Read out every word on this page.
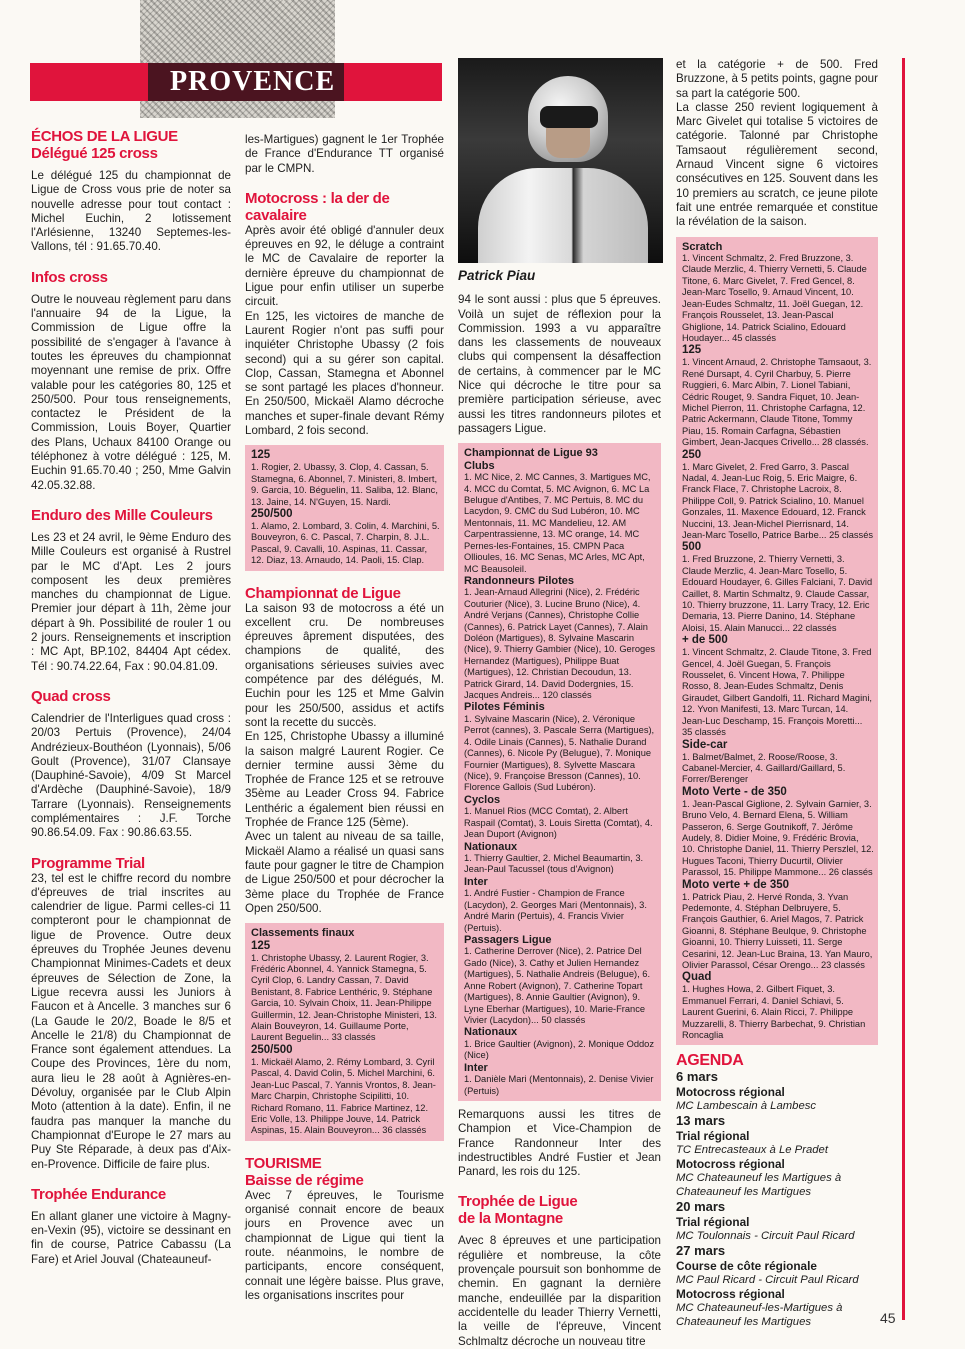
PROVENCE
ÉCHOS DE LA LIGUE
Délégué 125 cross

Le délégué 125 du championnat de Ligue de Cross vous prie de noter sa nouvelle adresse pour tout contact : Michel Euchin, 2 lotissement l'Arlésienne, 13240 Septemes-les-Vallons, tél : 91.65.70.40.

Infos cross

Outre le nouveau règlement paru dans l'annuaire 94 de la Ligue, la Commission de Ligue offre la possibilité de s'engager à l'avance à toutes les épreuves du championnat moyennant une remise de prix. Offre valable pour les catégories 80, 125 et 250/500. Pour tous renseignements, contactez le Président de la Commission, Louis Boyer, Quartier des Plans, Uchaux 84100 Orange ou téléphonez à votre délégué : 125, M. Euchin 91.65.70.40 ; 250, Mme Galvin 42.05.32.88.

Enduro des Mille Couleurs

Les 23 et 24 avril, le 9ème Enduro des Mille Couleurs est organisé à Rustrel par le MC d'Apt. Les 2 jours composent les deux premières manches du championnat de Ligue. Premier jour départ à 11h, 2ème jour départ à 9h. Possibilité de rouler 1 ou 2 jours. Renseignements et inscription : MC Apt, BP.102, 84404 Apt cédex. Tél : 90.74.22.64, Fax : 90.04.81.09.

Quad cross

Calendrier de l'Interligues quad cross : 20/03 Pertuis (Provence), 24/04 Andrézieux-Bouthéon (Lyonnais), 5/06 Goult (Provence), 31/07 Clansaye (Dauphiné-Savoie), 4/09 St Marcel d'Ardèche (Dauphiné-Savoie), 18/9 Tarrare (Lyonnais). Renseignements complémentaires : J.F. Torche 90.86.54.09. Fax : 90.86.63.55.

Programme Trial

23, tel est le chiffre record du nombre d'épreuves de trial inscrites au calendrier de ligue. Parmi celles-ci 11 compteront pour le championnat de ligue de Provence. Outre deux épreuves du Trophée Jeunes devenu Championnat Minimes-Cadets et deux épreuves de Sélection de Zone, la Ligue recevra aussi les Juniors à Faucon et à Ancelle. 3 manches sur 6 (La Gaude le 20/2, Boade le 8/5 et Ancelle le 21/8) du Championnat de France sont également attendues. La Coupe des Provinces, 1ère du nom, aura lieu le 28 août à Agnières-en-Dévoluy, organisée par le Club Alpin Moto (attention à la date). Enfin, il ne faudra pas manquer la manche du Championnat d'Europe le 27 mars au Puy Ste Réparade, à deux pas d'Aix-en-Provence. Difficile de faire plus.

Trophée Endurance

En allant glaner une victoire à Magny-en-Vexin (95), victoire se dessinant en fin de course, Patrice Cabassu (La Fare) et Ariel Jouval (Chateauneuf-

les-Martigues) gagnent le 1er Trophée de France d'Endurance TT organisé par le CMPN.

Motocross : la der de cavalaire

Après avoir été obligé d'annuler deux épreuves en 92, le déluge a contraint le MC de Cavalaire de reporter la dernière épreuve du championnat de Ligue pour enfin utiliser un superbe circuit.

En 125, les victoires de manche de Laurent Rogier n'ont pas suffi pour inquiéter Christophe Ubassy (2 fois second) qui a su gérer son capital. Clop, Cassan, Stamegna et Abonnel se sont partagé les places d'honneur. En 250/500, Mickaël Alamo décroche manches et super-finale devant Rémy Lombard, 2 fois second.

125
1. Rogier, 2. Ubassy, 3. Clop, 4. Cassan, 5. Stamegna, 6. Abonnel, 7. Ministeri, 8. Imbert, 9. Garcia, 10. Béguelin, 11. Saliba, 12. Blanc, 13. Jaine, 14. N'Guyen, 15. Nardi.
250/500
1. Alamo, 2. Lombard, 3. Colin, 4. Marchini, 5. Bouveyron, 6. C. Pascal, 7. Charpin, 8. J.L. Pascal, 9. Cavalli, 10. Aspinas, 11. Cassar, 12. Diaz, 13. Arnaudo, 14. Paoli, 15. Clap.
Championnat de Ligue

La saison 93 de motocross a été un excellent cru. De nombreuses épreuves âprement disputées, des champions de qualité, des organisations sérieuses suivies avec compétence par des délégués, M. Euchin pour les 125 et Mme Galvin pour les 250/500, assidus et actifs sont la recette du succès.

En 125, Christophe Ubassy a illuminé la saison malgré Laurent Rogier. Ce dernier termine aussi 3ème du Trophée de France 125 et se retrouve 35ème au Leader Cross 94. Fabrice Lenthéric a également bien réussi en Trophée de France 125 (5ème).

Avec un talent au niveau de sa taille, Mickaël Alamo a réalisé un quasi sans faute pour gagner le titre de Champion de Ligue 250/500 et pour décrocher la 3ème place du Trophée de France Open 250/500.

Classements finaux
125
1. Christophe Ubassy, 2. Laurent Rogier, 3. Frédéric Abonnel, 4. Yannick Stamegna, 5. Cyril Clop, 6. Landry Cassan, 7. David Benistant, 8. Fabrice Lenthéric, 9. Stéphane Garcia, 10. Sylvain Choix, 11. Jean-Philippe Guillermin, 12. Jean-Christophe Ministeri, 13. Alain Bouveyron, 14. Guillaume Porte, Laurent Beguelin... 33 classés
250/500
1. Mickaël Alamo, 2. Rémy Lombard, 3. Cyril Pascal, 4. David Colin, 5. Michel Marchini, 6. Jean-Luc Pascal, 7. Yannis Vrontos, 8. Jean-Marc Charpin, Christophe Scipilitti, 10. Richard Romano, 11. Fabrice Martinez, 12. Eric Volle, 13. Philippe Jouve, 14. Patrick Aspinas, 15. Alain Bouveyron... 36 classés
TOURISME
Baisse de régime

Avec 7 épreuves, le Tourisme organisé connait encore de beaux jours en Provence avec un championnat de Ligue qui tient la route. néanmoins, le nombre de participants, encore conséquent, connait une légère baisse. Plus grave, les organisations inscrites pour

Patrick Piau

94 le sont aussi : plus que 5 épreuves. Voilà un sujet de réflexion pour la Commission. 1993 a vu apparaître dans les classements de nouveaux clubs qui compensent la désaffection de certains, à commencer par le MC Nice qui décroche le titre pour sa première participation sérieuse, avec aussi les titres randonneurs pilotes et passagers Ligue.

Championnat de Ligue 93
Clubs
1. MC Nice, 2. MC Cannes, 3. Martigues MC, 4. MCC du Comtat, 5. MC Avignon, 6. MC La Belugue d'Antibes, 7. MC Pertuis, 8. MC du Lacydon, 9. CMC du Sud Lubéron, 10. MC Mentonnais, 11. MC Mandelieu, 12. AM Carpentrassienne, 13. MC orange, 14. MC Pernes-les-Fontaines, 15. CMPN Paca Ollioules, 16. MC Senas, MC Arles, MC Apt, MC Beausoleil.
Randonneurs Pilotes
1. Jean-Arnaud Allegrini (Nice), 2. Frédéric Couturier (Nice), 3. Lucine Bruno (Nice), 4. André Verjans (Cannes), Christophe Collie (Cannes), 6. Patrick Layet (Cannes), 7. Alain Doléon (Martigues), 8. Sylvaine Mascarin (Nice), 9. Thierry Gambier (Nice), 10. Geroges Hernandez (Martigues), Philippe Buat (Martigues), 12. Christian Decoudun, 13. Patrick Girard, 14. David Dodergnies, 15. Jacques Andreis... 120 classés
Pilotes Féminis
1. Sylvaine Mascarin (Nice), 2. Véronique Perrot (cannes), 3. Pascale Serra (Martigues), 4. Odile Linais (Cannes), 5. Nathalie Durand (Cannes), 6. Nicole Py (Belugue), 7. Monique Fournier (Martigues), 8. Sylvette Mascara (Nice), 9. Françoise Bresson (Cannes), 10. Florence Gallois (Sud Lubéron).
Cyclos
1. Manuel Rios (MCC Comtat), 2. Albert Raspail (Comtat), 3. Louis Siretta (Comtat), 4. Jean Duport (Avignon)
Nationaux
1. Thierry Gaultier, 2. Michel Beaumartin, 3. Jean-Paul Tacussel (tous d'Avignon)
Inter
1. André Fustier - Champion de France (Lacydon), 2. Georges Mari (Mentonnais), 3. André Marin (Pertuis), 4. Francis Vivier (Pertuis).
Passagers Ligue
1. Catherine Derrover (Nice), 2. Patrice Del Gado (Nice), 3. Cathy et Julien Hernandez (Martigues), 5. Nathalie Andreis (Belugue), 6. Anne Robert (Avignon), 7. Catherine Topart (Martigues), 8. Annie Gaultier (Avignon), 9. Lyne Eberhar (Martigues), 10. Marie-France Vivier (Lacydon)... 50 classés
Nationaux
1. Brice Gaultier (Avignon), 2. Monique Oddoz (Nice)
Inter
1. Danièle Mari (Mentonnais), 2. Denise Vivier (Pertuis)

Remarquons aussi les titres de Champion et Vice-Champion de France Randonneur Inter des indestructibles André Fustier et Jean Panard, les rois du 125.

Trophée de Ligue
de la Montagne

Avec 8 épreuves et une participation régulière et nombreuse, la côte provençale poursuit son bonhomme de chemin. En gagnant la dernière manche, endeuillée par la disparition accidentelle du leader Thierry Vernetti, la veille de l'épreuve, Vincent Schlmaltz décroche un nouveau titre

et la catégorie + de 500. Fred Bruzzone, à 5 petits points, gagne pour sa part la catégorie 500.

La classe 250 revient logiquement à Marc Givelet qui totalise 5 victoires de catégorie. Talonné par Christophe Tamsaout régulièrement second, Arnaud Vincent signe 6 victoires consécutives en 125. Souvent dans les 10 premiers au scratch, ce jeune pilote fait une entrée remarquée et constitue la révélation de la saison.

Scratch
1. Vincent Schmaltz, 2. Fred Bruzzone, 3. Claude Merzlic, 4. Thierry Vernetti, 5. Claude Titone, 6. Marc Givelet, 7. Fred Gencel, 8. Jean-Marc Tosello, 9. Arnaud Vincent, 10. Jean-Eudes Schmaltz, 11. Joël Guegan, 12. François Rousselet, 13. Jean-Pascal Ghiglione, 14. Patrick Scialino, Edouard Houdayer... 45 classés
125
1. Vincent Arnaud, 2. Christophe Tamsaout, 3. René Dursapt, 4. Cyril Charbuy, 5. Pierre Ruggieri, 6. Marc Albin, 7. Lionel Tabiani, Cédric Rouget, 9. Sandra Fiquet, 10. Jean-Michel Pierron, 11. Christophe Carfagna, 12. Patric Ackermann, Claude Titone, Tommy Piau, 15. Romain Carfagna, Sébastien Gimbert, Jean-Jacques Crivello... 28 classés.
250
1. Marc Givelet, 2. Fred Garro, 3. Pascal Nadal, 4. Jean-Luc Roig, 5. Eric Maigre, 6. Franck Flace, 7. Christophe Lacroix, 8. Philippe Coll, 9. Patrick Scialino, 10. Manuel Gonzales, 11. Maxence Edouard, 12. Franck Nuccini, 13. Jean-Michel Pierrisnard, 14. Jean-Marc Tosello, Patrice Barbe... 25 classés
500
1. Fred Bruzzone, 2. Thierry Vernetti, 3. Claude Merzlic, 4. Jean-Marc Tosello, 5. Edouard Houdayer, 6. Gilles Falciani, 7. David Caillet, 8. Martin Schmaltz, 9. Claude Cassar, 10. Thierry bruzzone, 11. Larry Tracy, 12. Eric Demaria, 13. Pierre Danino, 14. Stéphane Aloisi, 15. Alain Manucci... 22 classés
+ de 500
1. Vincent Schmaltz, 2. Claude Titone, 3. Fred Gencel, 4. Joël Guegan, 5. François Rousselet, 6. Vincent Howa, 7. Philippe Rosso, 8. Jean-Eudes Schmaltz, Denis Giraudet, Gilbert Gandolfi, 11. Richard Magini, 12. Yvon Manifesti, 13. Marc Turcan, 14. Jean-Luc Deschamp, 15. François Moretti... 35 classés
Side-car
1. Balmet/Balmet, 2. Roose/Roose, 3. Cabanel-Mercier, 4. Gaillard/Gaillard, 5. Forrer/Berenger
Moto Verte - de 350
1. Jean-Pascal Giglione, 2. Sylvain Garnier, 3. Bruno Velo, 4. Bernard Elena, 5. William Passeron, 6. Serge Goutnikoff, 7. Jérôme Audely, 8. Didier Moine, 9. Frédéric Brovia, 10. Christophe Daniel, 11. Thierry Perszlel, 12. Hugues Taconi, Thierry Ducurtil, Olivier Parassol, 15. Philippe Mammone... 26 classés
Moto verte + de 350
1. Patrick Piau, 2. Hervé Ronda, 3. Yvan Pedemonte, 4. Stéphan Delbruyere, 5. François Gauthier, 6. Ariel Magos, 7. Patrick Gioanni, 8. Stéphane Beulque, 9. Christophe Gioanni, 10. Thierry Luisseti, 11. Serge Cesarini, 12. Jean-Luc Braina, 13. Yan Mauro, Olivier Parassol, César Orengo... 23 classés
Quad
1. Hughes Howa, 2. Gilbert Fiquet, 3. Emmanuel Ferrari, 4. Daniel Schiavi, 5. Laurent Guerini, 6. Alain Ricci, 7. Philippe Muzzarelli, 8. Thierry Barbechat, 9. Christian Roncaglia
AGENDA
6 mars
Motocross régional
MC Lambescain à Lambesc
13 mars
Trial régional
TC Entrecasteaux à Le Pradet
Motocross régional
MC Chateauneuf les Martigues à Chateauneuf les Martigues
20 mars
Trial régional
MC Toulonnais - Circuit Paul Ricard
27 mars
Course de côte régionale
MC Paul Ricard - Circuit Paul Ricard
Motocross régional
MC Chateauneuf-les-Martigues à Chateauneuf les Martigues	45
